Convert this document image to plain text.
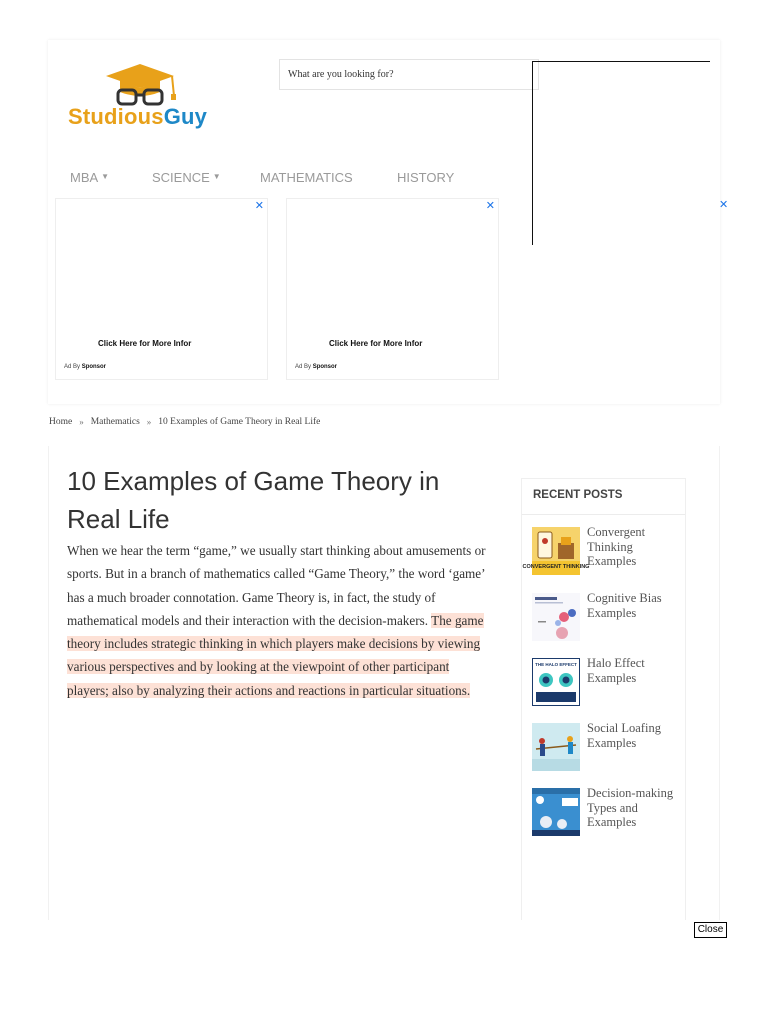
StudiousGuy
What are you looking for?
MBA ▼	SCIENCE ▼	MATHEMATICS	HISTORY
✕
Click Here for More Infor
Ad By Sponsor
✕
Click Here for More Infor
Ad By Sponsor
✕
Home » Mathematics » 10 Examples of Game Theory in Real Life
10 Examples of Game Theory in Real Life
When we hear the term “game,” we usually start thinking about amusements or sports. But in a branch of mathematics called “Game Theory,” the word ‘game’ has a much broader connotation. Game Theory is, in fact, the study of mathematical models and their interaction with the decision-makers. The game theory includes strategic thinking in which players make decisions by viewing various perspectives and by looking at the viewpoint of other participant players; also by analyzing their actions and reactions in particular situations.
RECENT POSTS
CONVERGENT THINKING
Convergent Thinking Examples
Cognitive Bias Examples
THE HALO EFFECT Halo Effect Examples
Social Loafing Examples
Decision-making Types and Examples
Close
